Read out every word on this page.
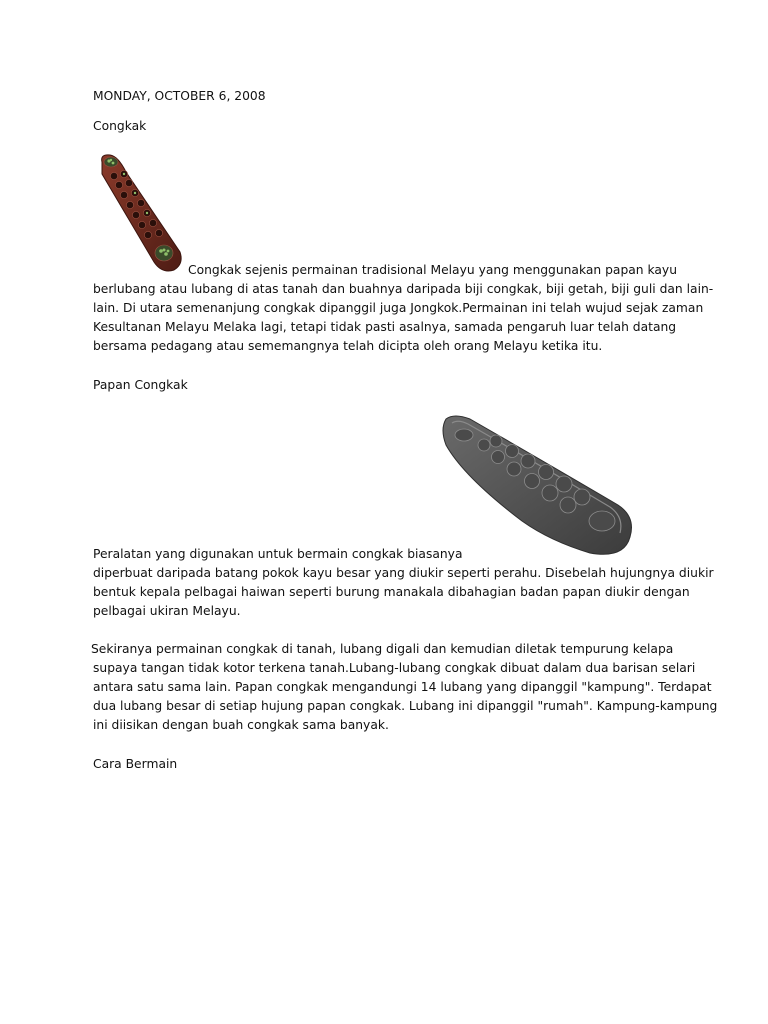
MONDAY, OCTOBER 6, 2008
Congkak
Congkak sejenis permainan tradisional Melayu yang menggunakan papan kayu
berlubang atau lubang di atas tanah dan buahnya daripada biji congkak, biji getah, biji guli dan lain-
lain. Di utara semenanjung congkak dipanggil juga Jongkok.Permainan ini telah wujud sejak zaman
Kesultanan Melayu Melaka lagi, tetapi tidak pasti asalnya, samada pengaruh luar telah datang
bersama pedagang atau sememangnya telah dicipta oleh orang Melayu ketika itu.
Papan Congkak
Peralatan yang digunakan untuk bermain congkak biasanya
diperbuat daripada batang pokok kayu besar yang diukir seperti perahu. Disebelah hujungnya diukir
bentuk kepala pelbagai haiwan seperti burung manakala dibahagian badan papan diukir dengan
pelbagai ukiran Melayu.
Sekiranya permainan congkak di tanah, lubang digali dan kemudian diletak tempurung kelapa
supaya tangan tidak kotor terkena tanah.Lubang-lubang congkak dibuat dalam dua barisan selari
antara satu sama lain. Papan congkak mengandungi 14 lubang yang dipanggil "kampung". Terdapat
dua lubang besar di setiap hujung papan congkak. Lubang ini dipanggil "rumah". Kampung-kampung
ini diisikan dengan buah congkak sama banyak.
Cara Bermain
